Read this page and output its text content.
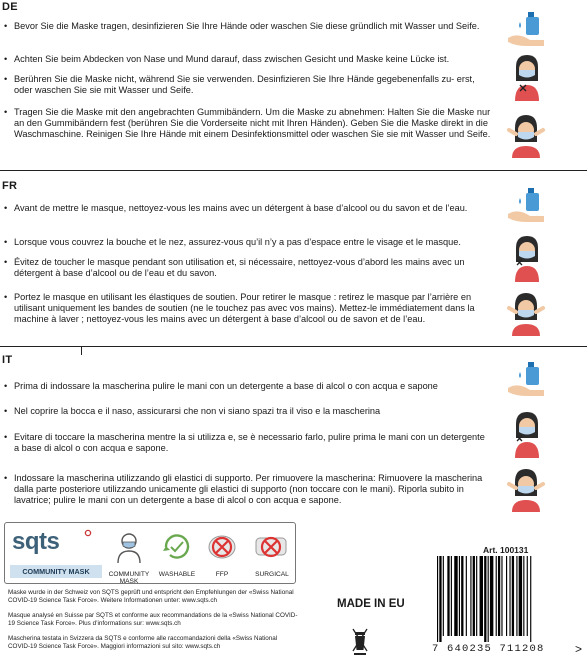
DE
• Bevor Sie die Maske tragen, desinfizieren Sie Ihre Hände oder waschen Sie diese gründlich mit Wasser und Seife.
• Achten Sie beim Abdecken von Nase und Mund darauf, dass zwischen Gesicht und Maske keine Lücke ist.
• Berühren Sie die Maske nicht, während Sie sie verwenden. Desinfizieren Sie Ihre Hände gegebenenfalls zu- erst, oder waschen Sie sie mit Wasser und Seife.
• Tragen Sie die Maske mit den angebrachten Gummibändern. Um die Maske zu abnehmen: Halten Sie die Maske nur an den Gummibändern fest (berühren Sie die Vorderseite nicht mit Ihren Händen). Geben Sie die Maske direkt in die Waschmaschine. Reinigen Sie Ihre Hände mit einem Desinfektionsmittel oder waschen Sie sie mit Wasser und Seife.
FR
• Avant de mettre le masque, nettoyez-vous les mains avec un détergent à base d’alcool ou du savon et de l’eau.
• Lorsque vous couvrez la bouche et le nez, assurez-vous qu’il n’y a pas d’espace entre le visage et le masque.
• Évitez de toucher le masque pendant son utilisation et, si nécessaire, nettoyez-vous d’abord les mains avec un détergent à base d’alcool ou de l’eau et du savon.
• Portez le masque en utilisant les élastiques de soutien. Pour retirer le masque : retirez le masque par l’arrière en utilisant uniquement les bandes de soutien (ne le touchez pas avec vos mains). Mettez-le immédiatement dans la machine à laver ; nettoyez-vous les mains avec un détergent à base d’alcool ou de savon et de l’eau.
IT
• Prima di indossare la mascherina pulire le mani con un detergente a base di alcol o con acqua e sapone
• Nel coprire la bocca e il naso, assicurarsi che non vi siano spazi tra il viso e la mascherina
• Evitare di toccare la mascherina mentre la si utilizza e, se è necessario farlo, pulire prima le mani con un detergente a base di alcol o con acqua e sapone.
• Indossare la mascherina utilizzando gli elastici di supporto. Per rimuovere la mascherina: Rimuovere la mascherina dalla parte posteriore utilizzando unicamente gli elastici di supporto (non toccare con le mani). Riporla subito in lavatrice; pulire le mani con un detergente a base di alcol o con acqua e sapone.
sqts
COMMUNITY MASK	COMMUNITY MASK
WASHABLE	FFP	SURGICAL
Maske wurde in der Schweiz von SQTS geprüft und entspricht den Empfehlungen der «Swiss National COVID-19 Science Task Force». Weitere Informationen unter: www.sqts.ch
Masque analysé en Suisse par SQTS et conforme aux recommandations de la «Swiss National COVID-19 Science Task Force». Plus d’informations sur: www.sqts.ch
Mascherina testata in Svizzera da SQTS e conforme alle raccomandazioni della «Swiss National COVID-19 Science Task Force». Maggiori informazioni sul sito: www.sqts.ch
MADE IN EU
Art. 100131
7 640235 711208	>
